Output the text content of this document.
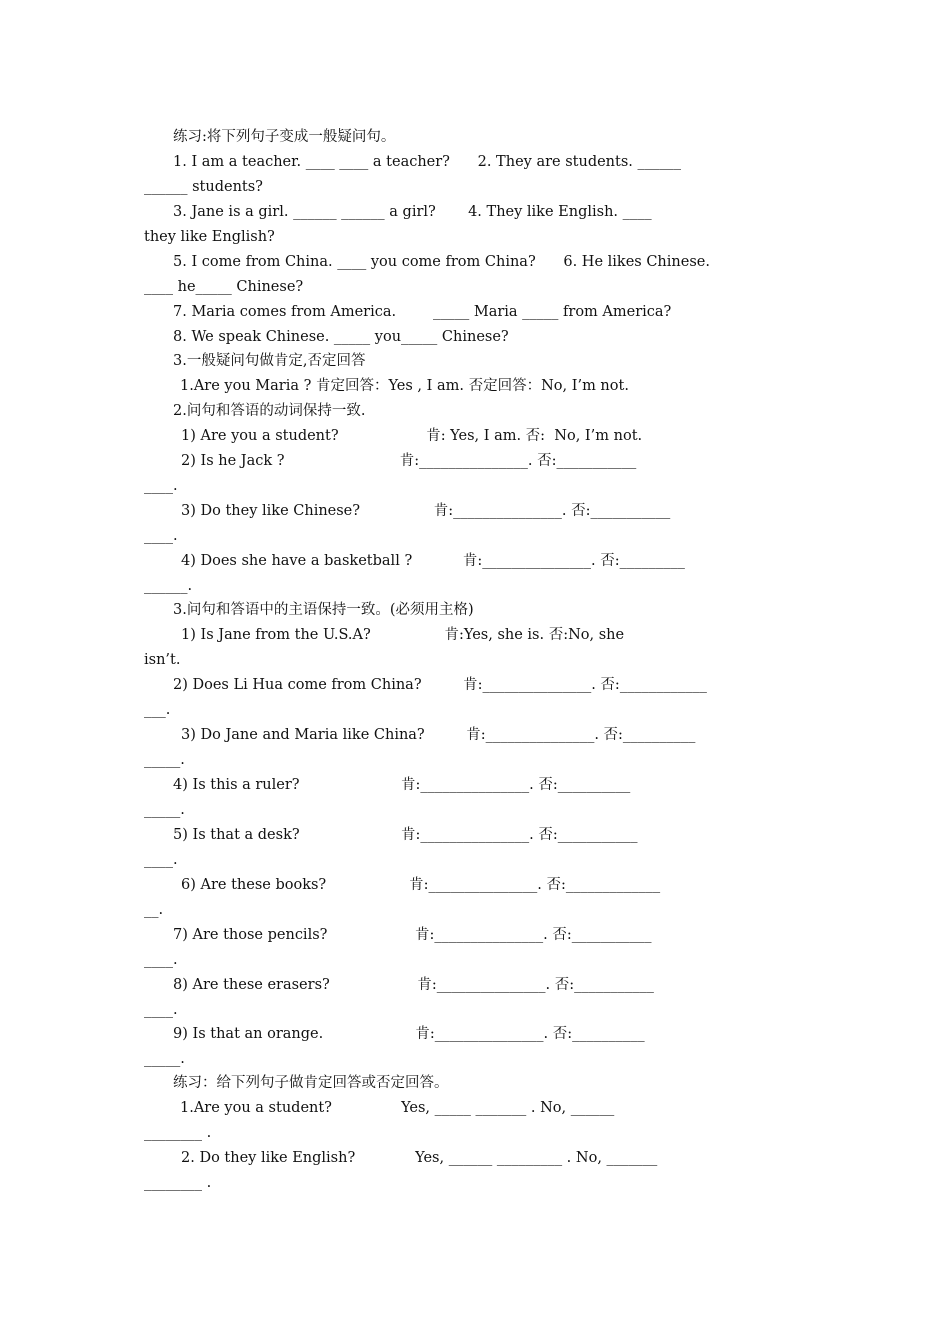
练习:将下列句子变成一般疑问句。
1. I am a teacher. ____ ____ a teacher?      2. They are students. ______
______ students?
3. Jane is a girl. ______ ______ a girl?       4. They like English. ____
they like English?
5. I come from China. ____ you come from China?      6. He likes Chinese.
____ he_____ Chinese?
7. Maria comes from America.        _____ Maria _____ from America?
8. We speak Chinese. _____ you_____ Chinese?
3.一般疑问句做肯定,否定回答
1.Are you Maria ? 肯定回答：Yes , I am. 否定回答：No, I’m not.
2.问句和答语的动词保持一致.
1) Are you a student?                   肯: Yes, I am. 否:  No, I’m not.
2) Is he Jack ?                         肯:_______________. 否:___________
____.
3) Do they like Chinese?                肯:_______________. 否:___________
____.
4) Does she have a basketball ?           肯:_______________. 否:_________
______.
3.问句和答语中的主语保持一致。(必须用主格)
1) Is Jane from the U.S.A?                肯:Yes, she is. 否:No, she
isn’t.
2) Does Li Hua come from China?         肯:_______________. 否:____________
___.
3) Do Jane and Maria like China?         肯:_______________. 否:__________
_____.
4) Is this a ruler?                      肯:_______________. 否:__________
_____.
5) Is that a desk?                      肯:_______________. 否:___________
____.
6) Are these books?                  肯:_______________. 否:_____________
__.
7) Are those pencils?                   肯:_______________. 否:___________
____.
8) Are these erasers?                   肯:_______________. 否:___________
____.
9) Is that an orange.                    肯:_______________. 否:__________
_____.
练习：给下列句子做肯定回答或否定回答。
1.Are you a student?               Yes, _____ _______ . No, ______
________ .
2. Do they like English?             Yes, ______ _________ . No, _______
________ .
